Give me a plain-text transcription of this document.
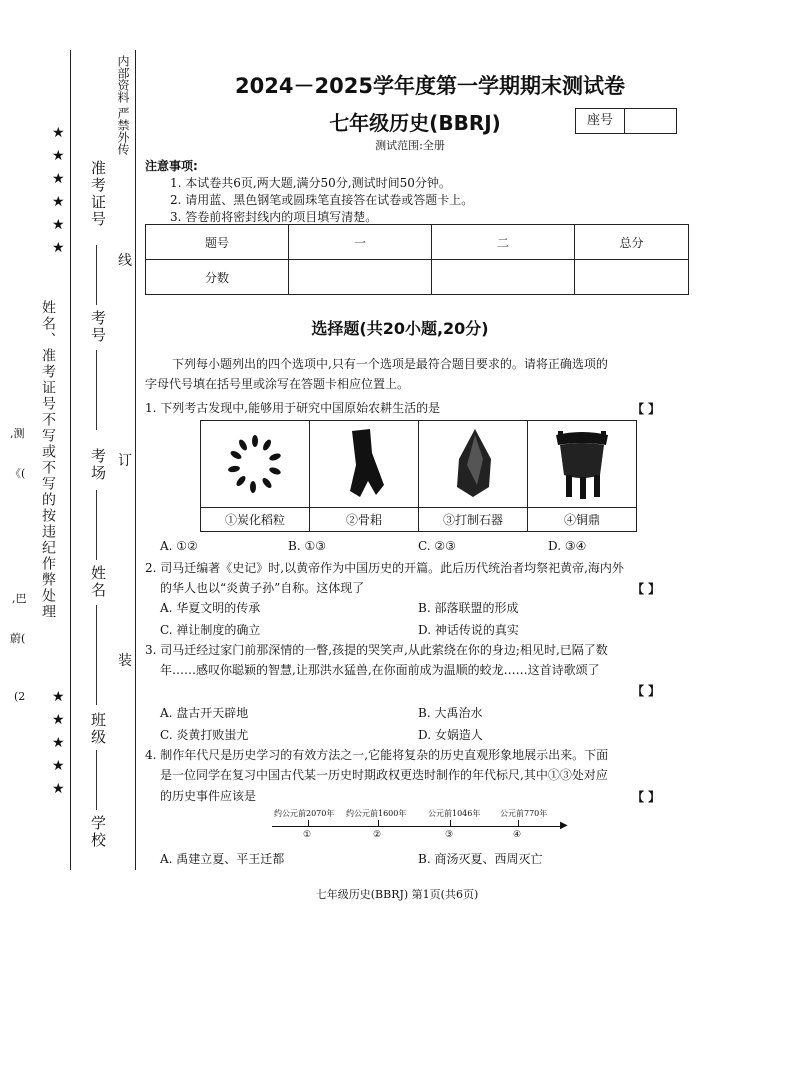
姓名、准考证号不写或不写的按违纪作弊处理
★
★
★
★
★
★
★
★
★
★
★
,测
《(
,巴
蔚(
(2
准考证号
考号
考场
姓名
班级
学校
内部资料 严禁外传
线
订
装
2024－2025学年度第一学期期末测试卷
七年级历史(BBRJ)	座号
测试范围:全册
注意事项:
1. 本试卷共6页,两大题,满分50分,测试时间50分钟。
2. 请用蓝、黑色钢笔或圆珠笔直接答在试卷或答题卡上。
3. 答卷前将密封线内的项目填写清楚。
题号	一	二	总分
分数			
选择题(共20小题,20分)
下列每小题列出的四个选项中,只有一个选项是最符合题目要求的。请将正确选项的
字母代号填在括号里或涂写在答题卡相应位置上。
1. 下列考古发现中,能够用于研究中国原始农耕生活的是	【 】
①炭化稻粒	②骨耜	③打制石器	④铜鼎
A. ①②	B. ①③	C. ②③	D. ③④
2. 司马迁编著《史记》时,以黄帝作为中国历史的开篇。此后历代统治者均祭祀黄帝,海内外
的华人也以“炎黄子孙”自称。这体现了	【 】
A. 华夏文明的传承	B. 部落联盟的形成
C. 禅让制度的确立	D. 神话传说的真实
3. 司马迁经过家门前那深情的一瞥,孩提的哭笑声,从此萦绕在你的身边;相见时,已隔了数
年……感叹你聪颖的智慧,让那洪水猛兽,在你面前成为温顺的蛟龙……这首诗歌颂了
【 】
A. 盘古开天辟地	B. 大禹治水
C. 炎黄打败蚩尤	D. 女娲造人
4. 制作年代尺是历史学习的有效方法之一,它能将复杂的历史直观形象地展示出来。下面
是一位同学在复习中国古代某一历史时期政权更迭时制作的年代标尺,其中①③处对应
的历史事件应该是	【 】
▶
约公元前2070年 约公元前1600年	公元前1046年 公元前770年
①	②	③	④
A. 禹建立夏、平王迁都	B. 商汤灭夏、西周灭亡
七年级历史(BBRJ) 第1页(共6页)
